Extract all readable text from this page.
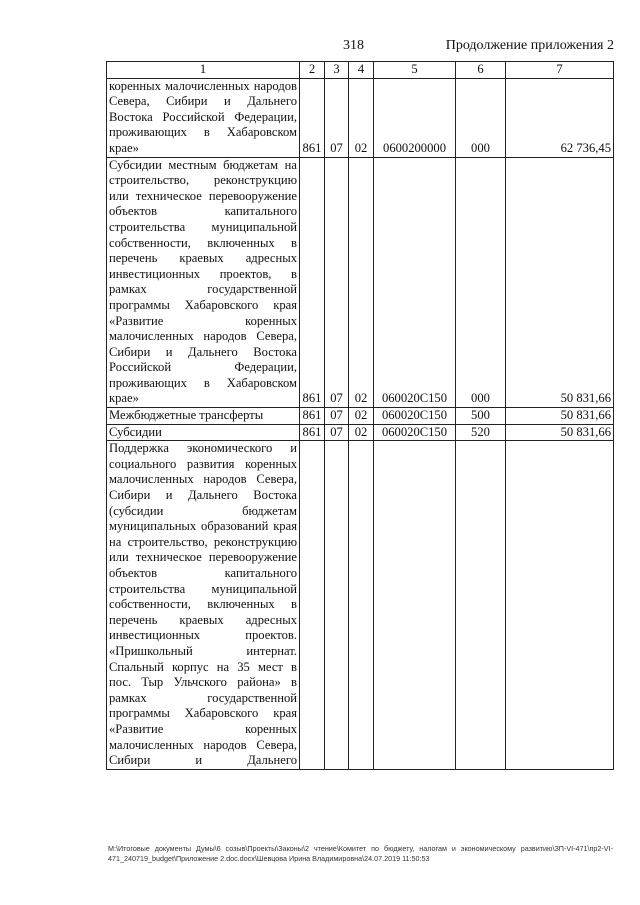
318	Продолжение приложения 2
1	2	3	4	5	6	7
коренных малочисленных народов Севера, Сибири и Дальнего Востока Российской Федерации, проживающих в Хабаровском крае»	861	07	02	0600200000	000	62 736,45
Субсидии местным бюджетам на строительство, реконструкцию или техническое перевооружение объектов капитального строительства муниципальной собственности, включенных в перечень краевых адресных инвестиционных проектов, в рамках государственной программы Хабаровского края «Развитие коренных малочисленных народов Севера, Сибири и Дальнего Востока Российской Федерации, проживающих в Хабаровском крае»	861	07	02	060020С150	000	50 831,66
Межбюджетные трансферты	861	07	02	060020С150	500	50 831,66
Субсидии	861	07	02	060020С150	520	50 831,66
Поддержка экономического и социального развития коренных малочисленных народов Севера, Сибири и Дальнего Востока (субсидии бюджетам муниципальных образований края на строительство, реконструкцию или техническое перевооружение объектов капитального строительства муниципальной собственности, включенных в перечень краевых адресных инвестиционных проектов. «Пришкольный интернат. Спальный корпус на 35 мест в пос. Тыр Ульчского района» в рамках государственной программы Хабаровского края «Развитие коренных малочисленных народов Севера, Сибири и Дальнего						
M:\Итоговые документы Думы\6 созыв\Проекты\Законы\2 чтение\Комитет по бюджету, налогам и экономическому развитию\ЗП-VI-471\пр2-VI-471_240719_budget\Приложение 2.doc.docx\Шевцова Ирина Владимировна\24.07.2019 11:50:53
